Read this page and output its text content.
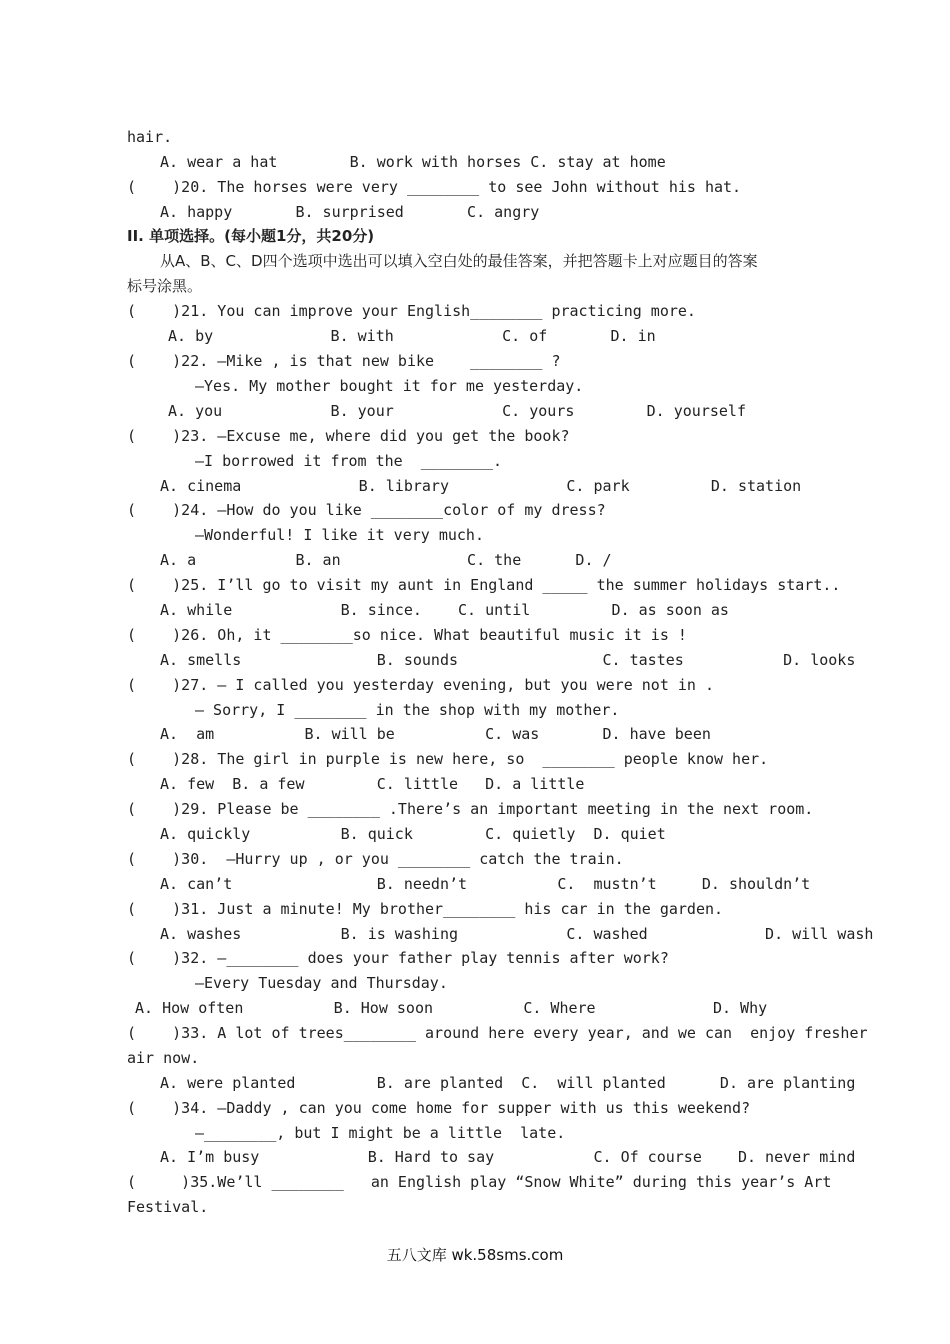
hair.
A. wear a hat        B. work with horses C. stay at home
(    )20. The horses were very ________ to see John without his hat.
A. happy       B. surprised       C. angry
II. 单项选择。(每小题1分，共20分)
从A、B、C、D四个选项中选出可以填入空白处的最佳答案，并把答题卡上对应题目的答案
标号涂黑。
(    )21. You can improve your English________ practicing more.
A. by             B. with            C. of       D. in
(    )22. —Mike , is that new bike    ________ ?
—Yes. My mother bought it for me yesterday.
A. you            B. your            C. yours        D. yourself
(    )23. —Excuse me, where did you get the book?
—I borrowed it from the  ________.
A. cinema             B. library             C. park         D. station
(    )24. —How do you like ________color of my dress?
—Wonderful! I like it very much.
A. a           B. an              C. the      D. /
(    )25. I’ll go to visit my aunt in England _____ the summer holidays start..
A. while            B. since.    C. until         D. as soon as
(    )26. Oh, it ________so nice. What beautiful music it is !
A. smells               B. sounds                C. tastes           D. looks
(    )27. — I called you yesterday evening, but you were not in .
— Sorry, I ________ in the shop with my mother.
A.  am          B. will be          C. was       D. have been
(    )28. The girl in purple is new here, so  ________ people know her.
A. few  B. a few        C. little   D. a little
(    )29. Please be ________ .There’s an important meeting in the next room.
A. quickly          B. quick        C. quietly  D. quiet
(    )30.  —Hurry up , or you ________ catch the train.
A. can’t                B. needn’t          C.  mustn’t     D. shouldn’t
(    )31. Just a minute! My brother________ his car in the garden.
A. washes           B. is washing            C. washed             D. will wash
(    )32. —________ does your father play tennis after work?
—Every Tuesday and Thursday.
A. How often          B. How soon          C. Where             D. Why
(    )33. A lot of trees________ around here every year, and we can  enjoy fresher
air now.
A. were planted         B. are planted  C.  will planted      D. are planting
(    )34. —Daddy , can you come home for supper with us this weekend?
—________, but I might be a little  late.
A. I’m busy            B. Hard to say           C. Of course    D. never mind
(     )35.We’ll ________   an English play “Snow White” during this year’s Art
Festival.
五八文库 wk.58sms.com
